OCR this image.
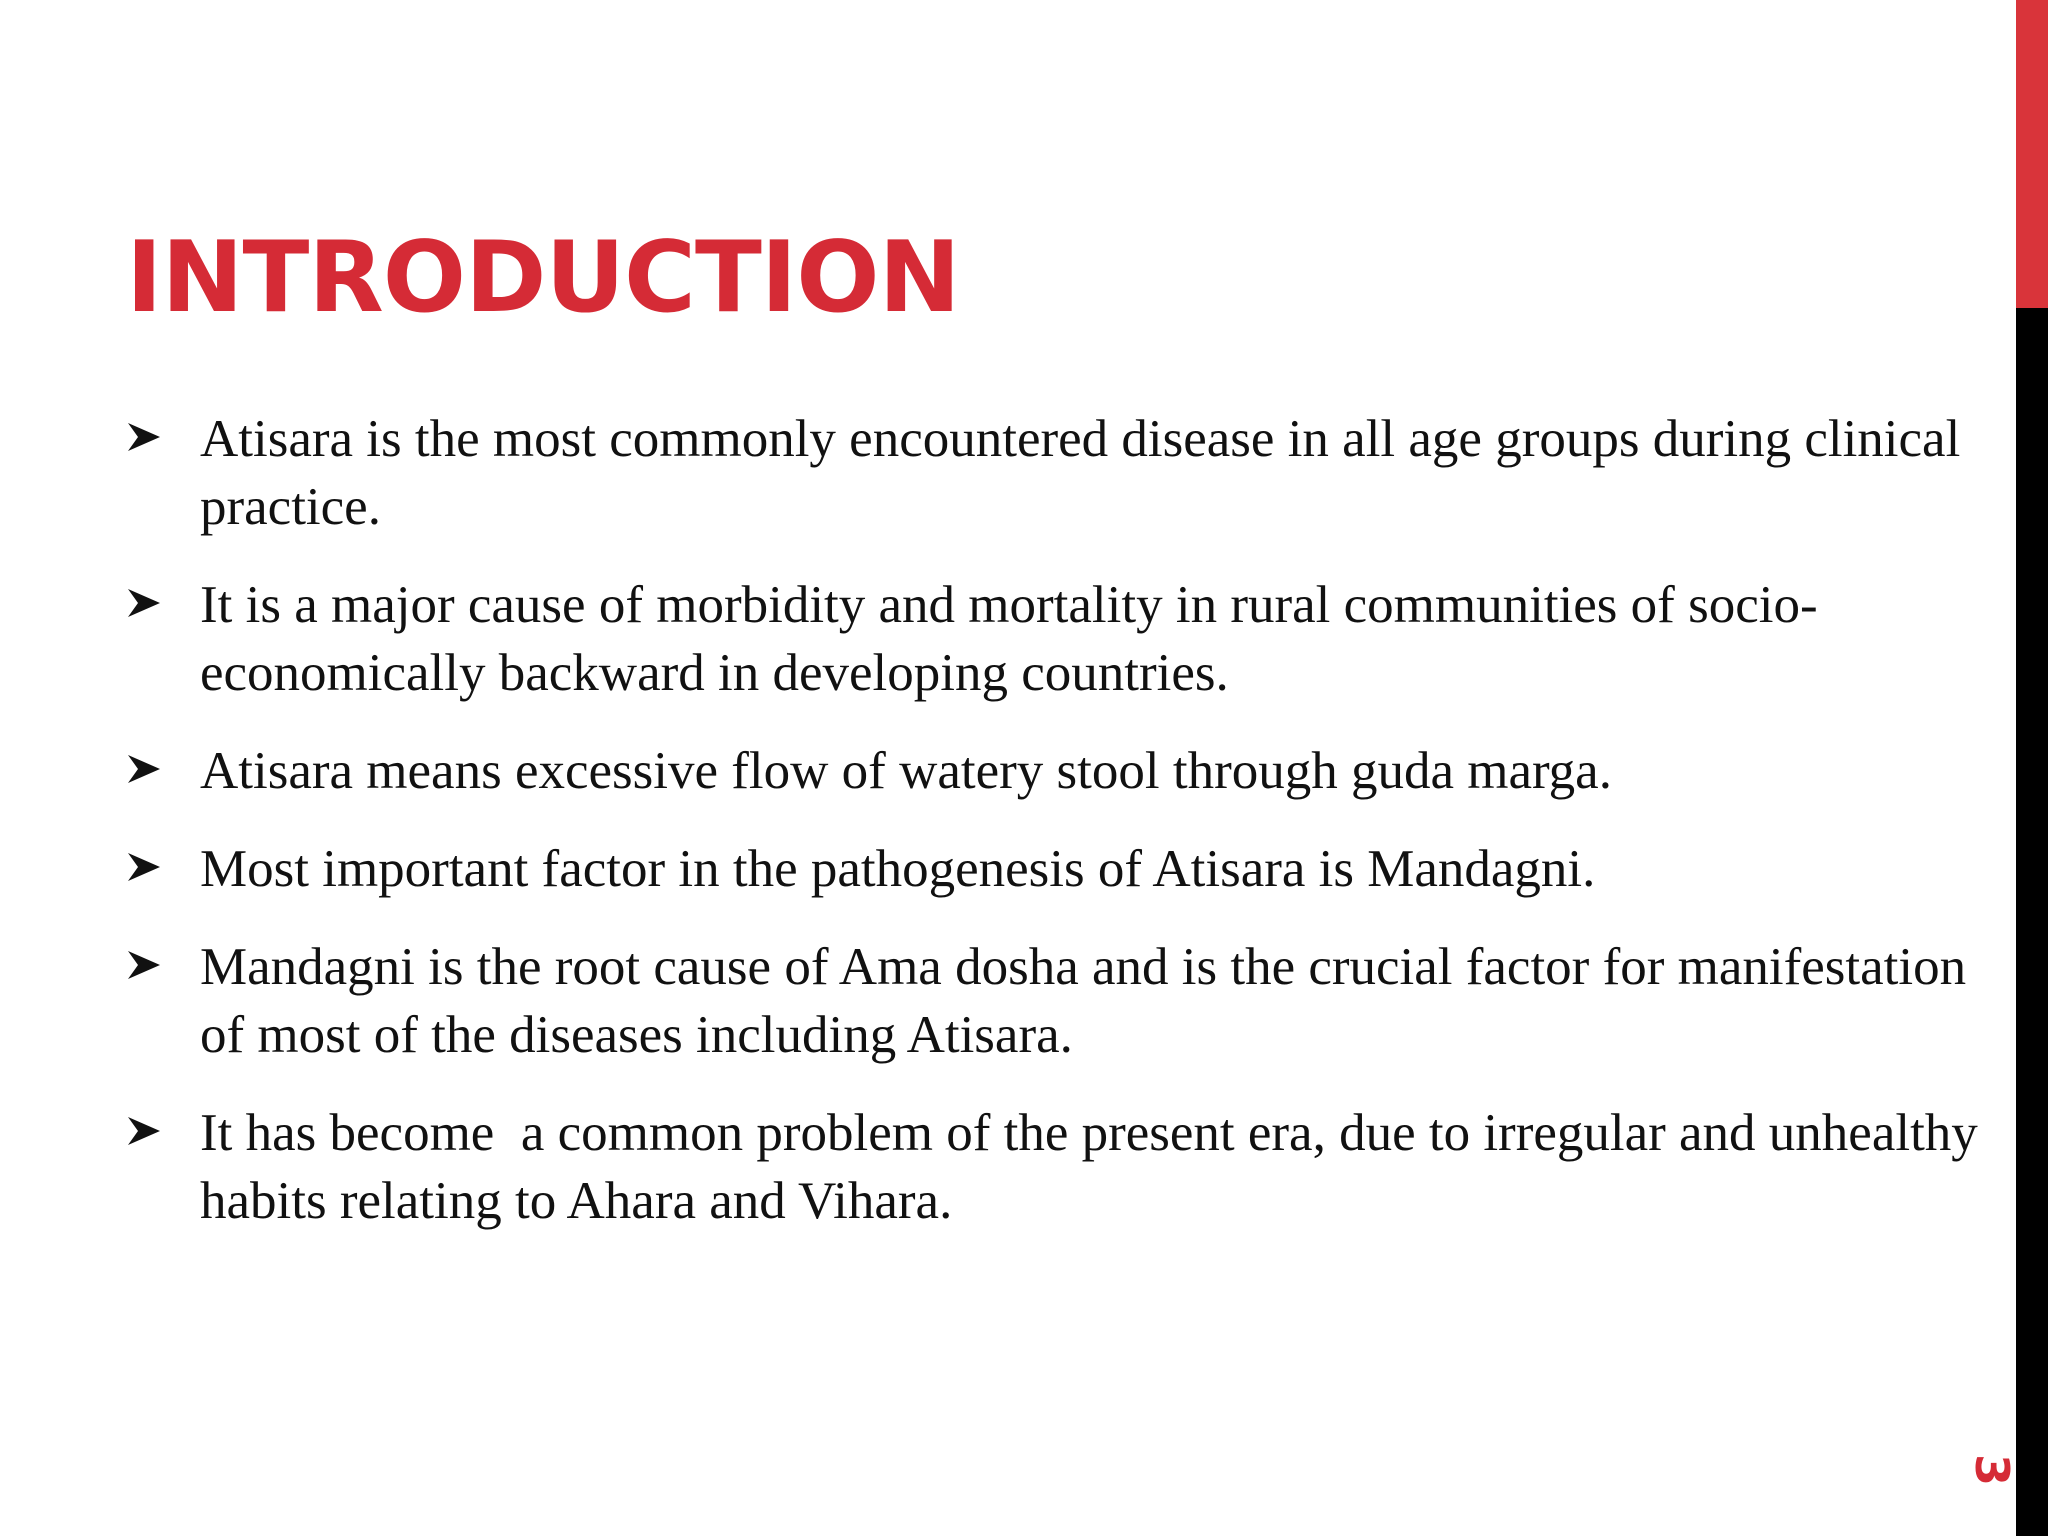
INTRODUCTION
Atisara is the most commonly encountered disease in all age groups during clinical practice.
It is a major cause of morbidity and mortality in rural communities of socio-economically backward in developing countries.
Atisara means excessive flow of watery stool through guda marga.
Most important factor in the pathogenesis of Atisara is Mandagni.
Mandagni is the root cause of Ama dosha and is the crucial factor for manifestation  of most of the diseases including Atisara.
It has become  a common problem of the present era, due to irregular and unhealthy habits relating to Ahara and Vihara.
3
